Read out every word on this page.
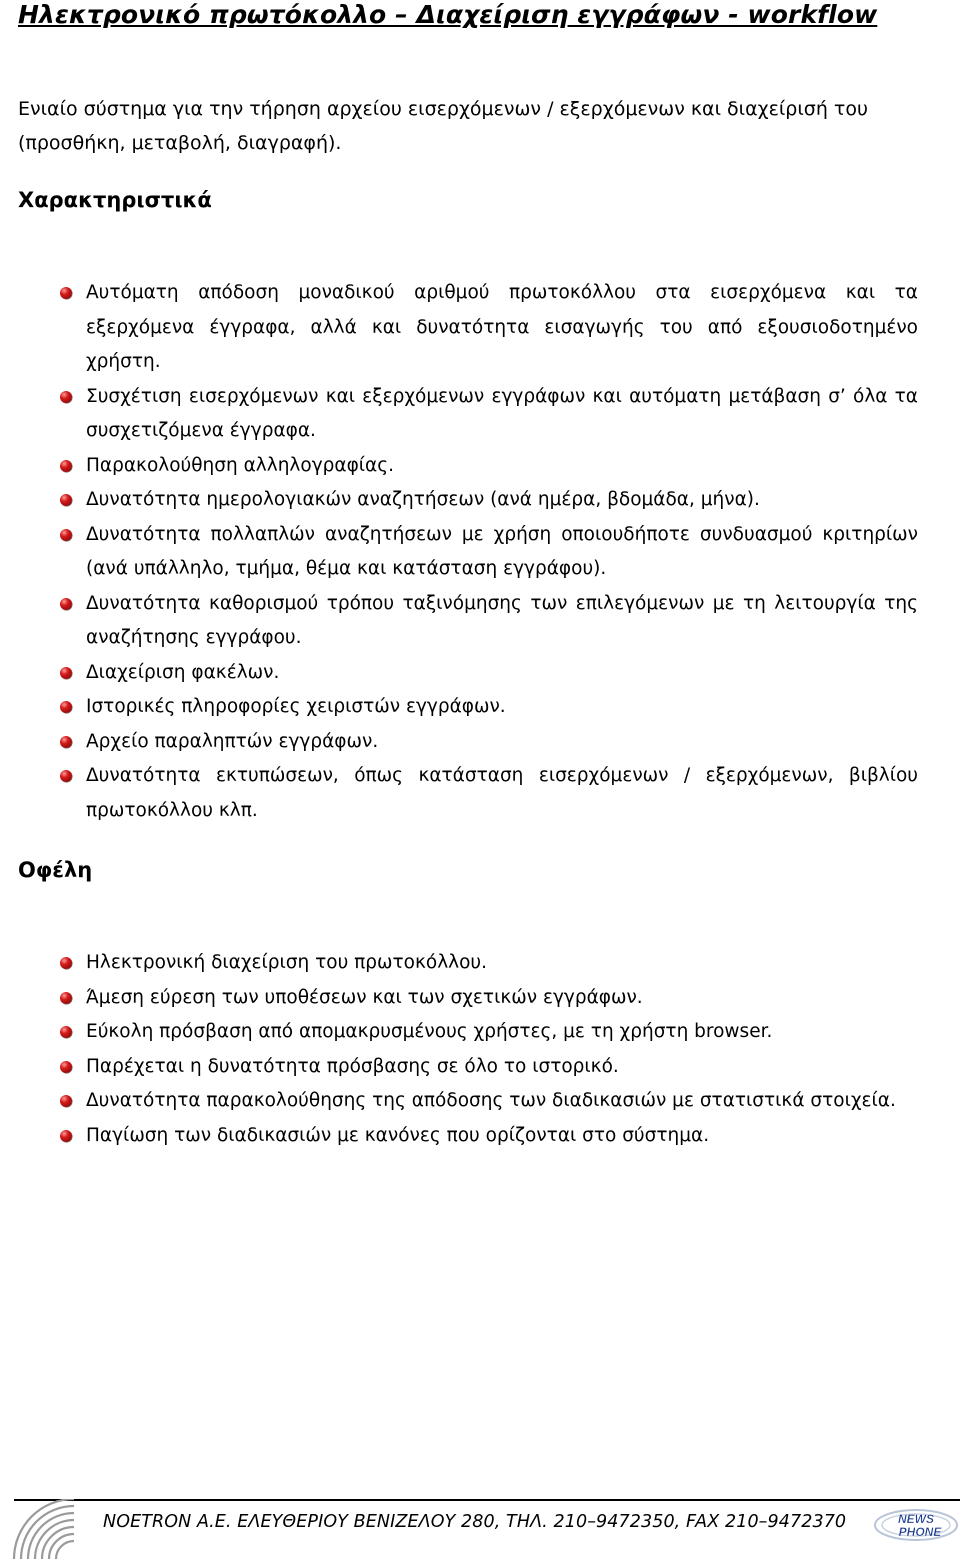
Ηλεκτρονικό πρωτόκολλο – Διαχείριση εγγράφων - workflow

Ενιαίο σύστημα για την τήρηση αρχείου εισερχόμενων / εξερχόμενων και διαχείρισή του (προσθήκη, μεταβολή, διαγραφή).

Χαρακτηριστικά
Αυτόματη απόδοση μοναδικού αριθμού πρωτοκόλλου στα εισερχόμενα και τα εξερχόμενα έγγραφα, αλλά και δυνατότητα εισαγωγής του από εξουσιοδοτημένο χρήστη.
Συσχέτιση εισερχόμενων και εξερχόμενων εγγράφων και αυτόματη μετάβαση σ’ όλα τα συσχετιζόμενα έγγραφα.
Παρακολούθηση αλληλογραφίας.
Δυνατότητα ημερολογιακών αναζητήσεων (ανά ημέρα, βδομάδα, μήνα).
Δυνατότητα πολλαπλών αναζητήσεων με χρήση οποιουδήποτε συνδυασμού κριτηρίων (ανά υπάλληλο, τμήμα, θέμα και κατάσταση εγγράφου).
Δυνατότητα καθορισμού τρόπου ταξινόμησης των επιλεγόμενων με τη λειτουργία της αναζήτησης εγγράφου.
Διαχείριση φακέλων.
Ιστορικές πληροφορίες χειριστών εγγράφων.
Αρχείο παραληπτών εγγράφων.
Δυνατότητα εκτυπώσεων, όπως κατάσταση εισερχόμενων / εξερχόμενων, βιβλίου πρωτοκόλλου κλπ.
Οφέλη
Ηλεκτρονική διαχείριση του πρωτοκόλλου.
Άμεση εύρεση των υποθέσεων και των σχετικών εγγράφων.
Εύκολη πρόσβαση από απομακρυσμένους χρήστες, με τη χρήστη browser.
Παρέχεται η δυνατότητα πρόσβασης σε όλο το ιστορικό.
Δυνατότητα παρακολούθησης της απόδοσης των διαδικασιών με στατιστικά στοιχεία.
Παγίωση των διαδικασιών με κανόνες που ορίζονται στο σύστημα.
NOETRON Α.Ε. ΕΛΕΥΘΕΡΙΟΥ ΒΕΝΙΖΕΛΟΥ 280, ΤΗΛ. 210–9472350, FAX 210–9472370	NEWS
PHONE
